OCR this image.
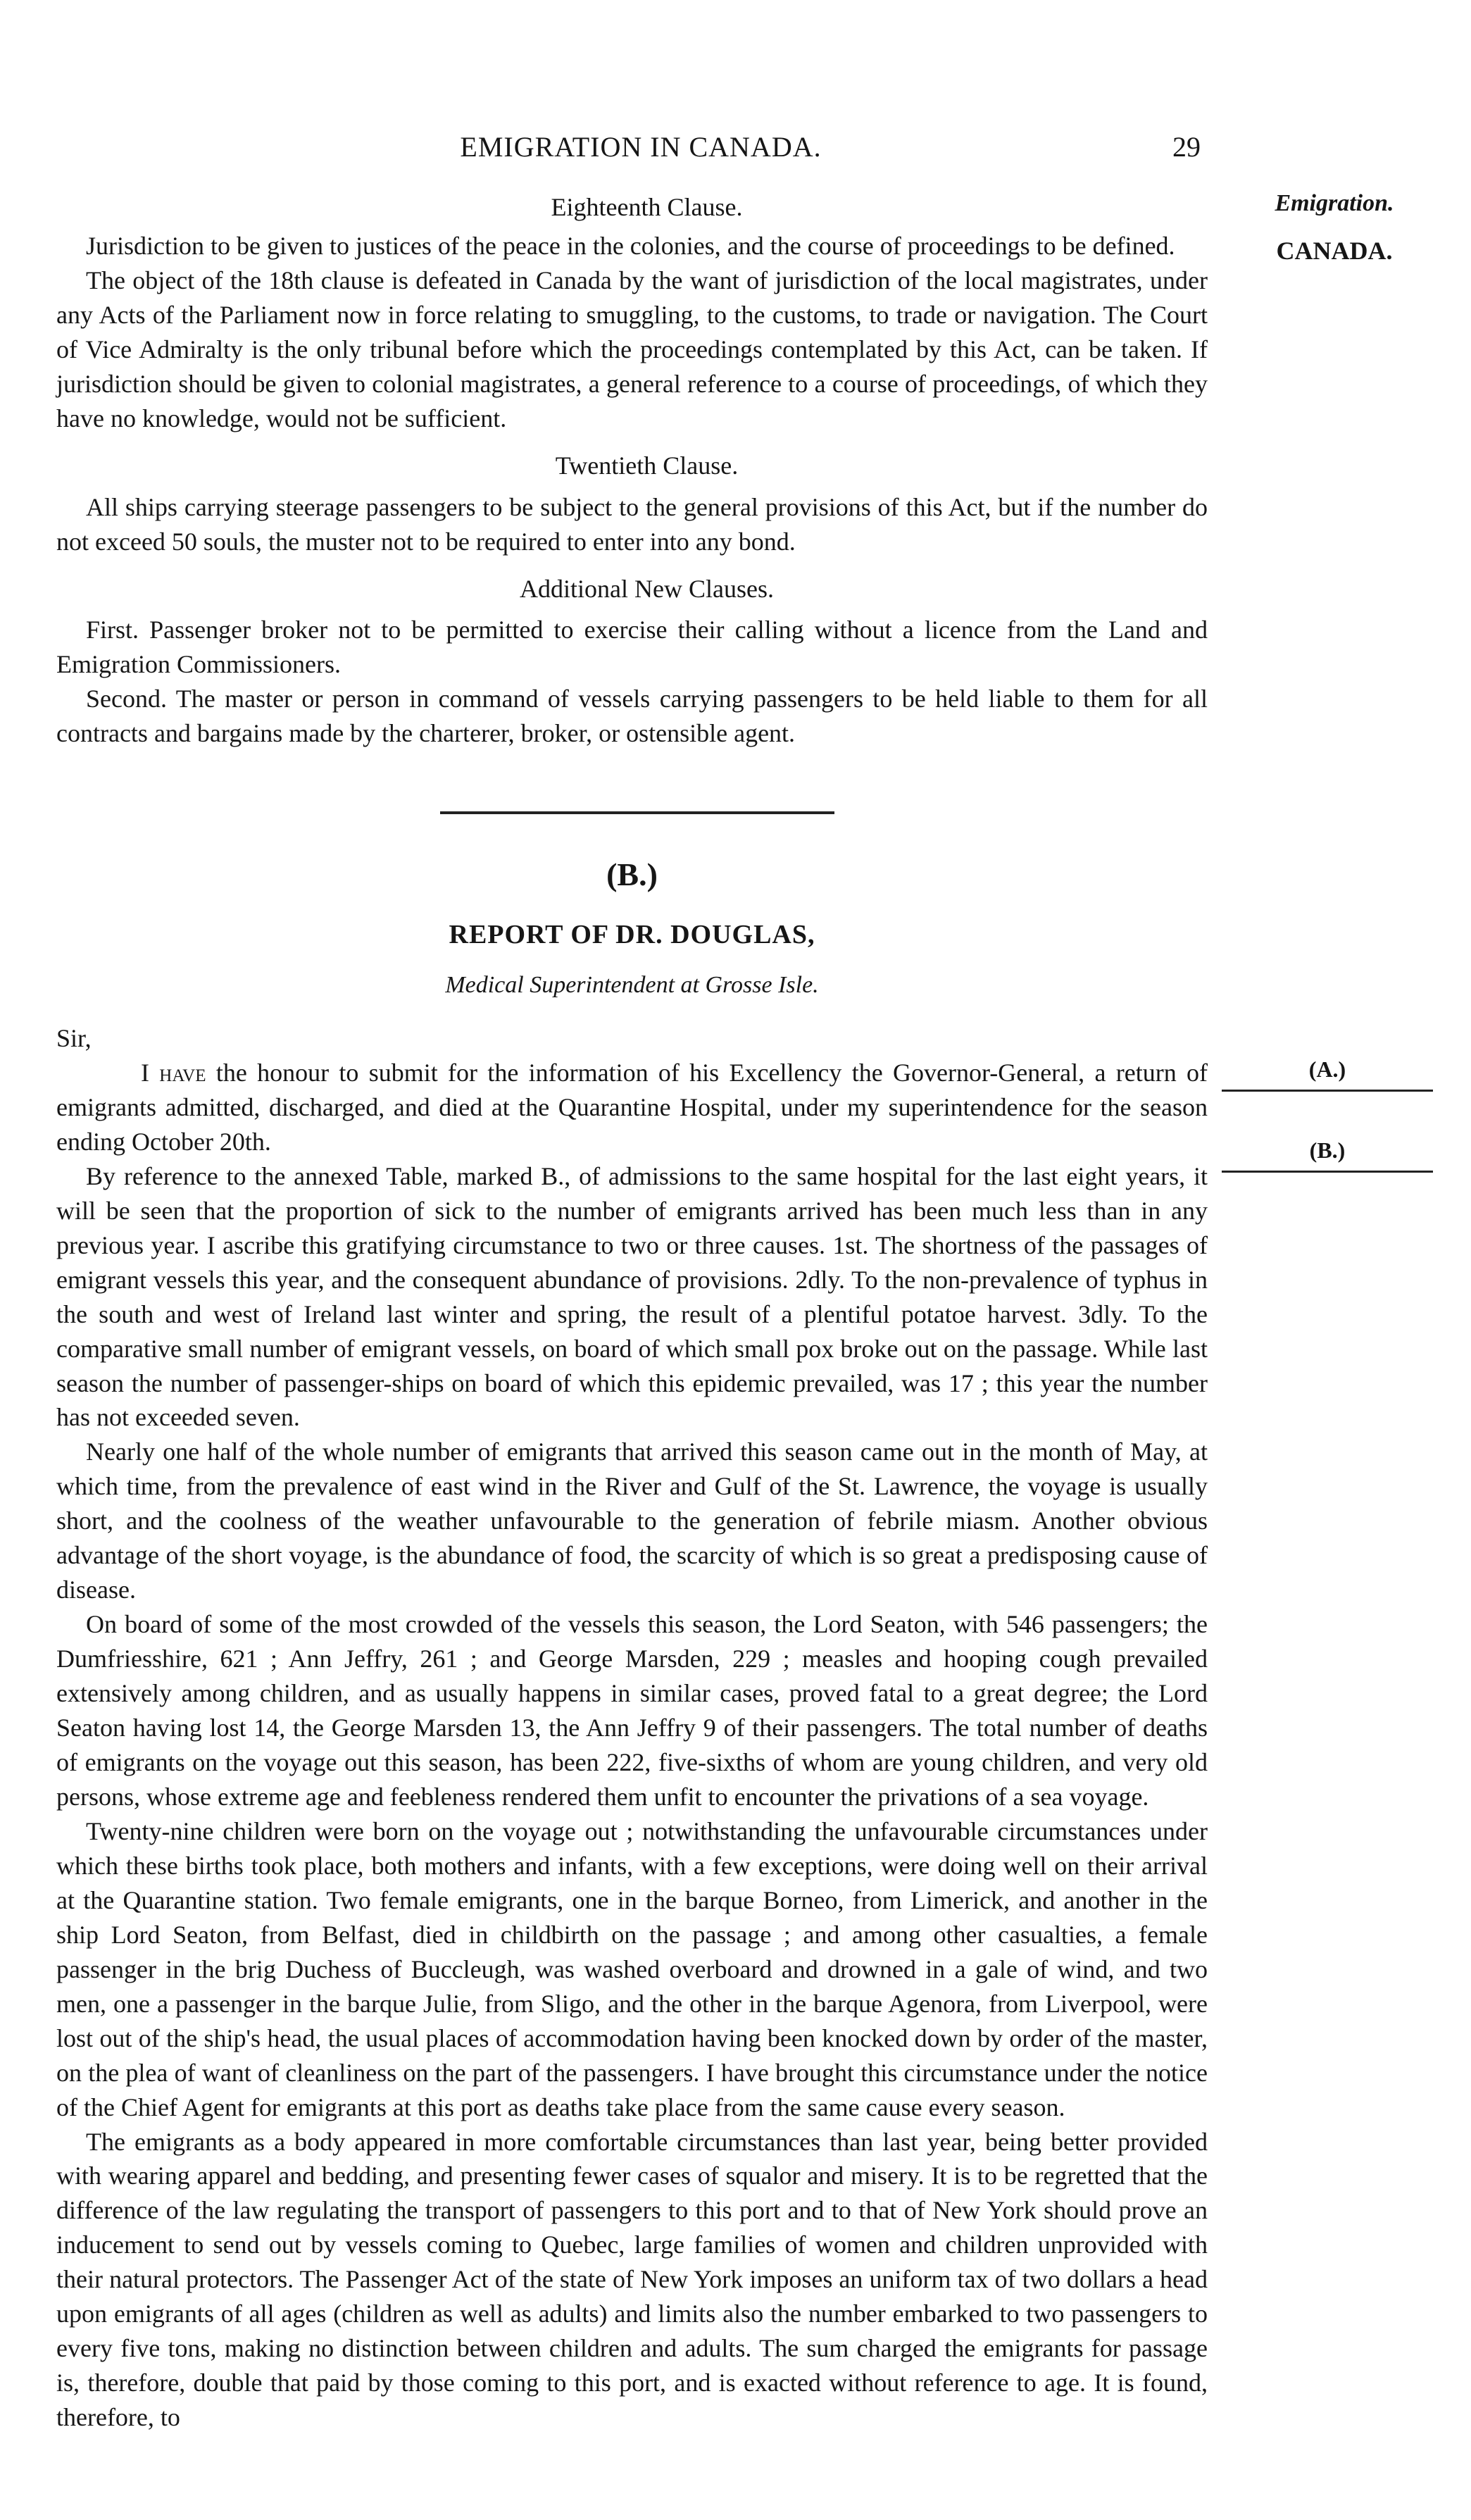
EMIGRATION IN CANADA.	29
Emigration.
CANADA.

Eighteenth Clause.

Jurisdiction to be given to justices of the peace in the colonies, and the course of proceedings to be defined.

The object of the 18th clause is defeated in Canada by the want of jurisdiction of the local magistrates, under any Acts of the Parliament now in force relating to smuggling, to the customs, to trade or navigation. The Court of Vice Admiralty is the only tribunal before which the proceedings contemplated by this Act, can be taken. If jurisdiction should be given to colonial magistrates, a general reference to a course of proceedings, of which they have no knowledge, would not be sufficient.

Twentieth Clause.

All ships carrying steerage passengers to be subject to the general provisions of this Act, but if the number do not exceed 50 souls, the muster not to be required to enter into any bond.

Additional New Clauses.

First. Passenger broker not to be permitted to exercise their calling without a licence from the Land and Emigration Commissioners.

Second. The master or person in command of vessels carrying passengers to be held liable to them for all contracts and bargains made by the charterer, broker, or ostensible agent.

(B.)
REPORT OF DR. DOUGLAS,
Medical Superintendent at Grosse Isle.
(A.)
(B.)

Sir,

I have the honour to submit for the information of his Excellency the Governor-General, a return of emigrants admitted, discharged, and died at the Quarantine Hospital, under my superintendence for the season ending October 20th.

By reference to the annexed Table, marked B., of admissions to the same hospital for the last eight years, it will be seen that the proportion of sick to the number of emigrants arrived has been much less than in any previous year. I ascribe this gratifying circumstance to two or three causes. 1st. The shortness of the passages of emigrant vessels this year, and the consequent abundance of provisions. 2dly. To the non-prevalence of typhus in the south and west of Ireland last winter and spring, the result of a plentiful potatoe harvest. 3dly. To the comparative small number of emigrant vessels, on board of which small pox broke out on the passage. While last season the number of passenger-ships on board of which this epidemic prevailed, was 17 ; this year the number has not exceeded seven.

Nearly one half of the whole number of emigrants that arrived this season came out in the month of May, at which time, from the prevalence of east wind in the River and Gulf of the St. Lawrence, the voyage is usually short, and the coolness of the weather unfavourable to the generation of febrile miasm. Another obvious advantage of the short voyage, is the abundance of food, the scarcity of which is so great a predisposing cause of disease.

On board of some of the most crowded of the vessels this season, the Lord Seaton, with 546 passengers; the Dumfriesshire, 621 ; Ann Jeffry, 261 ; and George Marsden, 229 ; measles and hooping cough prevailed extensively among children, and as usually happens in similar cases, proved fatal to a great degree; the Lord Seaton having lost 14, the George Marsden 13, the Ann Jeffry 9 of their passengers. The total number of deaths of emigrants on the voyage out this season, has been 222, five-sixths of whom are young children, and very old persons, whose extreme age and feebleness rendered them unfit to encounter the privations of a sea voyage.

Twenty-nine children were born on the voyage out ; notwithstanding the unfavourable circumstances under which these births took place, both mothers and infants, with a few exceptions, were doing well on their arrival at the Quarantine station. Two female emigrants, one in the barque Borneo, from Limerick, and another in the ship Lord Seaton, from Belfast, died in childbirth on the passage ; and among other casualties, a female passenger in the brig Duchess of Buccleugh, was washed overboard and drowned in a gale of wind, and two men, one a passenger in the barque Julie, from Sligo, and the other in the barque Agenora, from Liverpool, were lost out of the ship's head, the usual places of accommodation having been knocked down by order of the master, on the plea of want of cleanliness on the part of the passengers. I have brought this circumstance under the notice of the Chief Agent for emigrants at this port as deaths take place from the same cause every season.

The emigrants as a body appeared in more comfortable circumstances than last year, being better provided with wearing apparel and bedding, and presenting fewer cases of squalor and misery. It is to be regretted that the difference of the law regulating the transport of passengers to this port and to that of New York should prove an inducement to send out by vessels coming to Quebec, large families of women and children unprovided with their natural protectors. The Passenger Act of the state of New York imposes an uniform tax of two dollars a head upon emigrants of all ages (children as well as adults) and limits also the number embarked to two passengers to every five tons, making no distinction between children and adults. The sum charged the emigrants for passage is, therefore, double that paid by those coming to this port, and is exacted without reference to age. It is found, therefore, to
